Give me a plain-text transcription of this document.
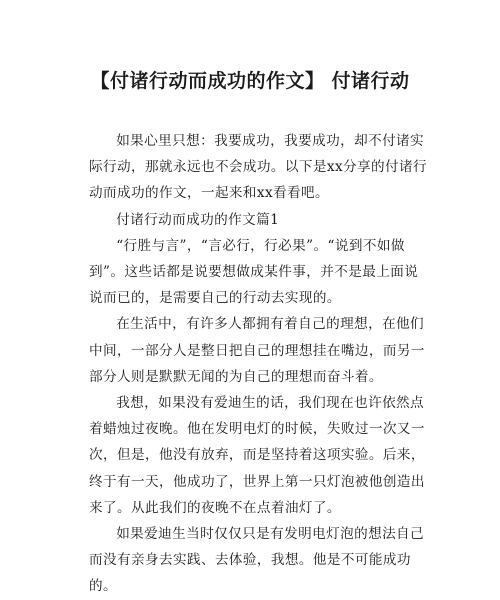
【付诸行动而成功的作文】 付诸行动

如果心里只想：我要成功，我要成功，却不付诸实际行动，那就永远也不会成功。以下是xx分享的付诸行动而成功的作文，一起来和xx看看吧。

付诸行动而成功的作文篇1

“行胜与言”，“言必行，行必果”。“说到不如做到”。这些话都是说要想做成某件事，并不是最上面说说而已的，是需要自己的行动去实现的。

在生活中，有许多人都拥有着自己的理想，在他们中间，一部分人是整日把自己的理想挂在嘴边，而另一部分人则是默默无闻的为自己的理想而奋斗着。

我想，如果没有爱迪生的话，我们现在也许依然点着蜡烛过夜晚。他在发明电灯的时候，失败过一次又一次，但是，他没有放弃，而是坚持着这项实验。后来，终于有一天，他成功了，世界上第一只灯泡被他创造出来了。从此我们的夜晚不在点着油灯了。

如果爱迪生当时仅仅只是有发明电灯泡的想法自己而没有亲身去实践、去体验，我想。他是不可能成功的。
